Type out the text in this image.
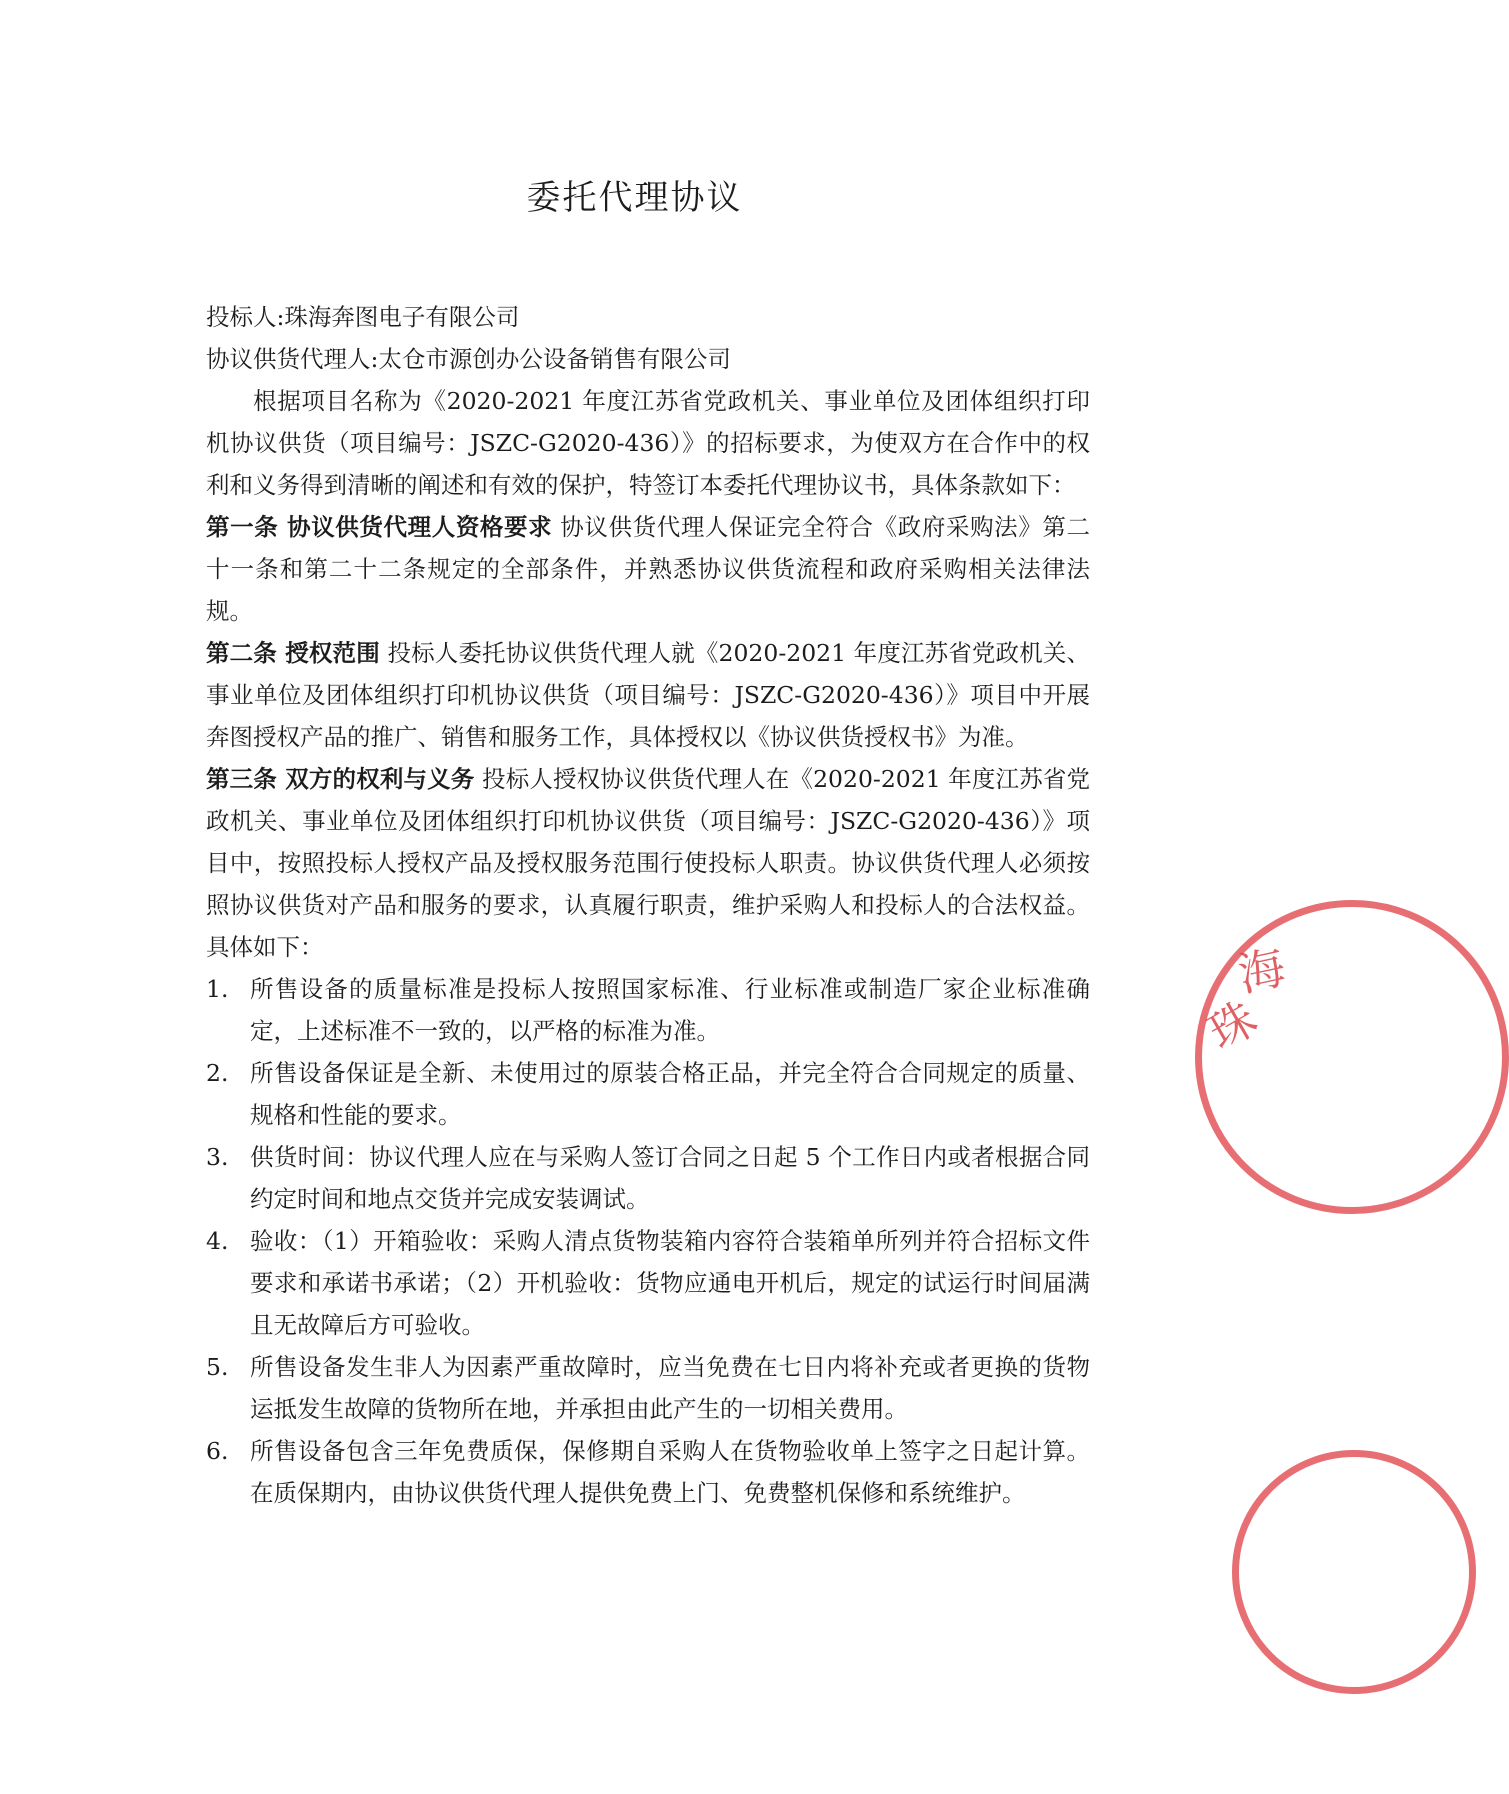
委托代理协议

投标人:珠海奔图电子有限公司

协议供货代理人:太仓市源创办公设备销售有限公司

根据项目名称为《2020-2021 年度江苏省党政机关、事业单位及团体组织打印机协议供货（项目编号：JSZC-G2020-436）》的招标要求，为使双方在合作中的权利和义务得到清晰的阐述和有效的保护，特签订本委托代理协议书，具体条款如下：

第一条 协议供货代理人资格要求 协议供货代理人保证完全符合《政府采购法》第二十一条和第二十二条规定的全部条件，并熟悉协议供货流程和政府采购相关法律法规。

第二条 授权范围 投标人委托协议供货代理人就《2020-2021 年度江苏省党政机关、事业单位及团体组织打印机协议供货（项目编号：JSZC-G2020-436）》项目中开展奔图授权产品的推广、销售和服务工作，具体授权以《协议供货授权书》为准。

第三条 双方的权利与义务 投标人授权协议供货代理人在《2020-2021 年度江苏省党政机关、事业单位及团体组织打印机协议供货（项目编号：JSZC-G2020-436）》项目中，按照投标人授权产品及授权服务范围行使投标人职责。协议供货代理人必须按照协议供货对产品和服务的要求，认真履行职责，维护采购人和投标人的合法权益。具体如下：

1. 所售设备的质量标准是投标人按照国家标准、行业标准或制造厂家企业标准确定，上述标准不一致的，以严格的标准为准。
2. 所售设备保证是全新、未使用过的原装合格正品，并完全符合合同规定的质量、规格和性能的要求。
3. 供货时间：协议代理人应在与采购人签订合同之日起 5 个工作日内或者根据合同约定时间和地点交货并完成安装调试。
4. 验收：（1）开箱验收：采购人清点货物装箱内容符合装箱单所列并符合招标文件要求和承诺书承诺；（2）开机验收：货物应通电开机后，规定的试运行时间届满且无故障后方可验收。
5. 所售设备发生非人为因素严重故障时，应当免费在七日内将补充或者更换的货物运抵发生故障的货物所在地，并承担由此产生的一切相关费用。
6. 所售设备包含三年免费质保，保修期自采购人在货物验收单上签字之日起计算。在质保期内，由协议供货代理人提供免费上门、免费整机保修和系统维护。
珠
海
